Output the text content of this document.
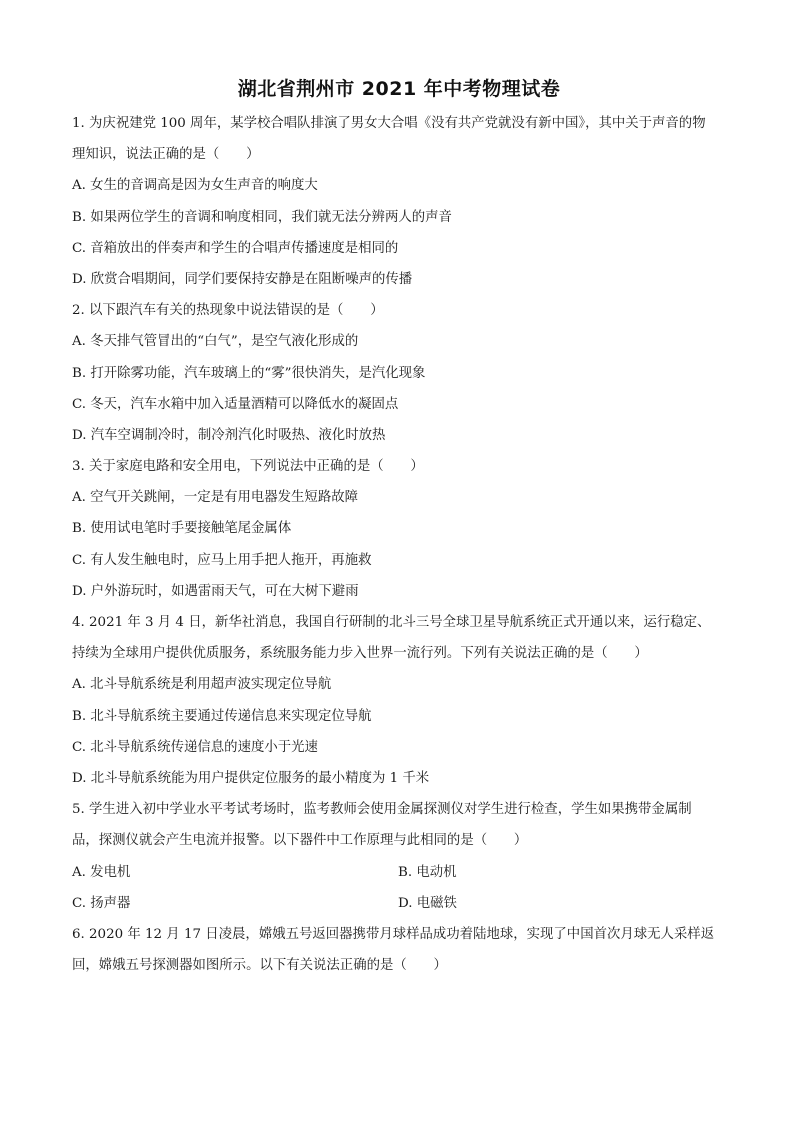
湖北省荆州市 2021 年中考物理试卷
1. 为庆祝建党 100 周年，某学校合唱队排演了男女大合唱《没有共产党就没有新中国》，其中关于声音的物
理知识，说法正确的是（　　）
A. 女生的音调高是因为女生声音的响度大
B. 如果两位学生的音调和响度相同，我们就无法分辨两人的声音
C. 音箱放出的伴奏声和学生的合唱声传播速度是相同的
D. 欣赏合唱期间，同学们要保持安静是在阻断噪声的传播
2. 以下跟汽车有关的热现象中说法错误的是（　　）
A. 冬天排气管冒出的“白气”，是空气液化形成的
B. 打开除雾功能，汽车玻璃上的“雾”很快消失，是汽化现象
C. 冬天，汽车水箱中加入适量酒精可以降低水的凝固点
D. 汽车空调制冷时，制冷剂汽化时吸热、液化时放热
3. 关于家庭电路和安全用电，下列说法中正确的是（　　）
A. 空气开关跳闸，一定是有用电器发生短路故障
B. 使用试电笔时手要接触笔尾金属体
C. 有人发生触电时，应马上用手把人拖开，再施救
D. 户外游玩时，如遇雷雨天气，可在大树下避雨
4. 2021 年 3 月 4 日，新华社消息，我国自行研制的北斗三号全球卫星导航系统正式开通以来，运行稳定、
持续为全球用户提供优质服务，系统服务能力步入世界一流行列。下列有关说法正确的是（　　）
A. 北斗导航系统是利用超声波实现定位导航
B. 北斗导航系统主要通过传递信息来实现定位导航
C. 北斗导航系统传递信息的速度小于光速
D. 北斗导航系统能为用户提供定位服务的最小精度为 1 千米
5. 学生进入初中学业水平考试考场时，监考教师会使用金属探测仪对学生进行检查，学生如果携带金属制
品，探测仪就会产生电流并报警。以下器件中工作原理与此相同的是（　　）
A. 发电机	B. 电动机
C. 扬声器	D. 电磁铁
6. 2020 年 12 月 17 日凌晨，嫦娥五号返回器携带月球样品成功着陆地球，实现了中国首次月球无人采样返
回，嫦娥五号探测器如图所示。以下有关说法正确的是（　　）
